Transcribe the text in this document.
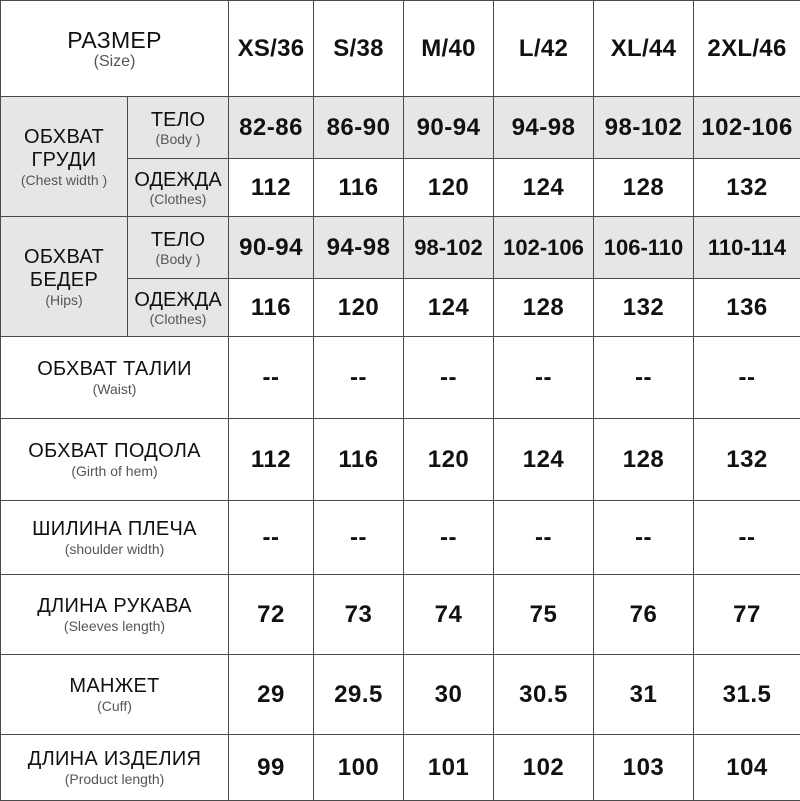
РАЗМЕР
(Size)		XS/36	S/38	M/40	L/42	XL/44	2XL/46

ОБХВАТ
ГРУДИ
(Chest width )	ТЕЛО
(Body )	82-86	86-90	90-94	94-98	98-102	102-106

	ОДЕЖДА
(Clothes)	112	116	120	124	128	132

ОБХВАТ
БЕДЕР
(Hips)	ТЕЛО
(Body )	90-94	94-98	98-102	102-106	106-110	110-114

	ОДЕЖДА
(Clothes)	116	120	124	128	132	136

ОБХВАТ ТАЛИИ
(Waist)		--	--	--	--	--	--

ОБХВАТ ПОДОЛА
(Girth of hem)		112	116	120	124	128	132

ШИЛИНА ПЛЕЧА
(shoulder width)		--	--	--	--	--	--

ДЛИНА РУКАВА
(Sleeves length)		72	73	74	75	76	77

МАНЖЕТ
(Cuff)		29	29.5	30	30.5	31	31.5

ДЛИНА ИЗДЕЛИЯ
(Product length)		99	100	101	102	103	104
